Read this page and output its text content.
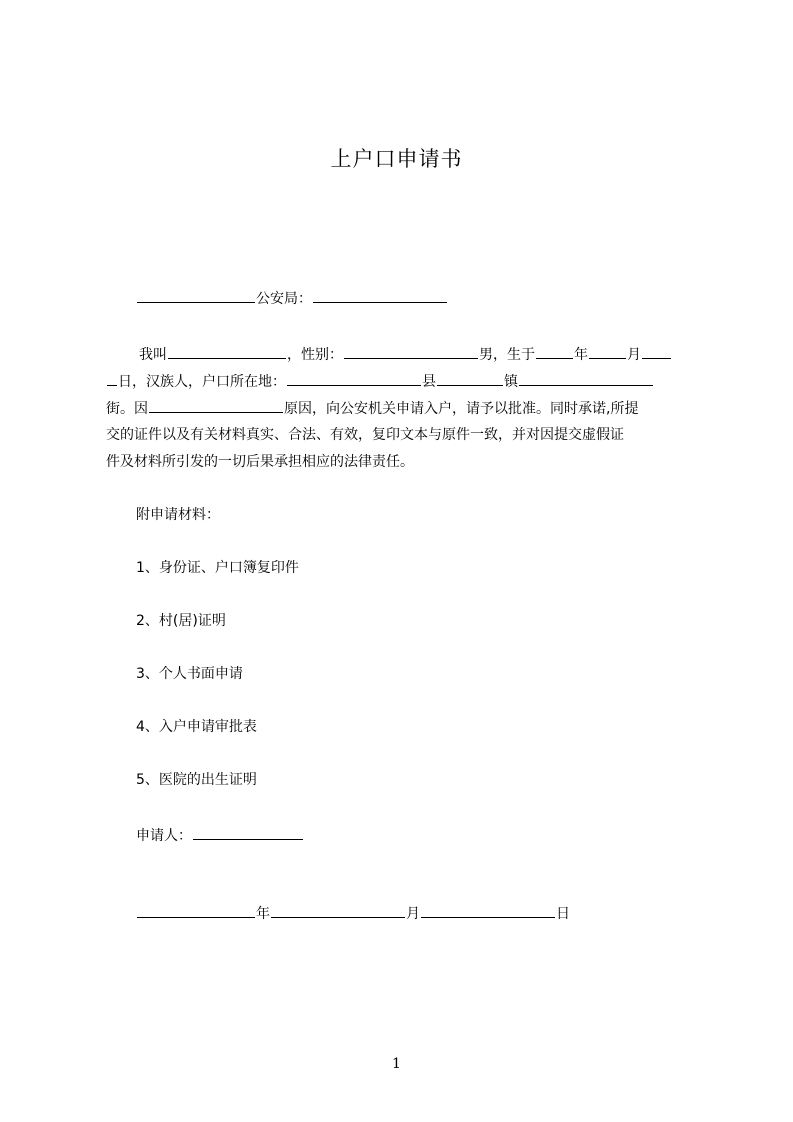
上户口申请书
公安局：
我叫	，性别：	男，生于	年	月
日，汉族人，户口所在地：	县	镇
街。因	原因，向公安机关申请入户，请予以批准。同时承诺,所提
交的证件以及有关材料真实、合法、有效，复印文本与原件一致，并对因提交虚假证
件及材料所引发的一切后果承担相应的法律责任。
附申请材料：
1、身份证、户口簿复印件
2、村(居)证明
3、个人书面申请
4、入户申请审批表
5、医院的出生证明
申请人：
年	月	日
1
